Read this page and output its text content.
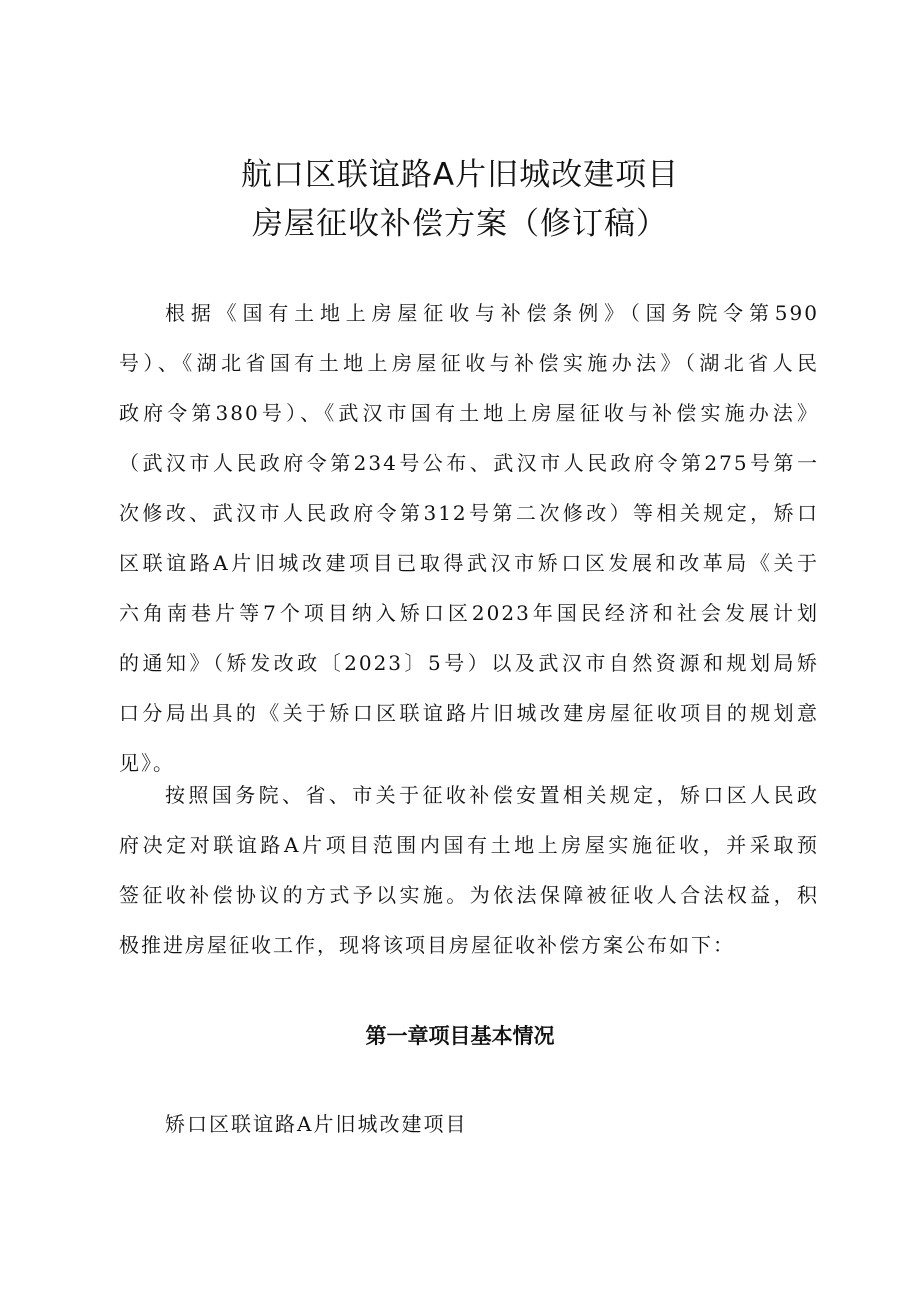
航口区联谊路A片旧城改建项目
房屋征收补偿方案（修订稿）
根据《国有土地上房屋征收与补偿条例》（国务院令第590
号）、《湖北省国有土地上房屋征收与补偿实施办法》（湖北省人民
政府令第380号）、《武汉市国有土地上房屋征收与补偿实施办法》
（武汉市人民政府令第234号公布、武汉市人民政府令第275号第一
次修改、武汉市人民政府令第312号第二次修改）等相关规定，矫口
区联谊路A片旧城改建项目已取得武汉市矫口区发展和改革局《关于
六角南巷片等7个项目纳入矫口区2023年国民经济和社会发展计划
的通知》（矫发改政〔2023〕5号）以及武汉市自然资源和规划局矫
口分局出具的《关于矫口区联谊路片旧城改建房屋征收项目的规划意
见》。
按照国务院、省、市关于征收补偿安置相关规定，矫口区人民政
府决定对联谊路A片项目范围内国有土地上房屋实施征收，并采取预
签征收补偿协议的方式予以实施。为依法保障被征收人合法权益，积
极推进房屋征收工作，现将该项目房屋征收补偿方案公布如下：
第一章项目基本情况
矫口区联谊路A片旧城改建项目
